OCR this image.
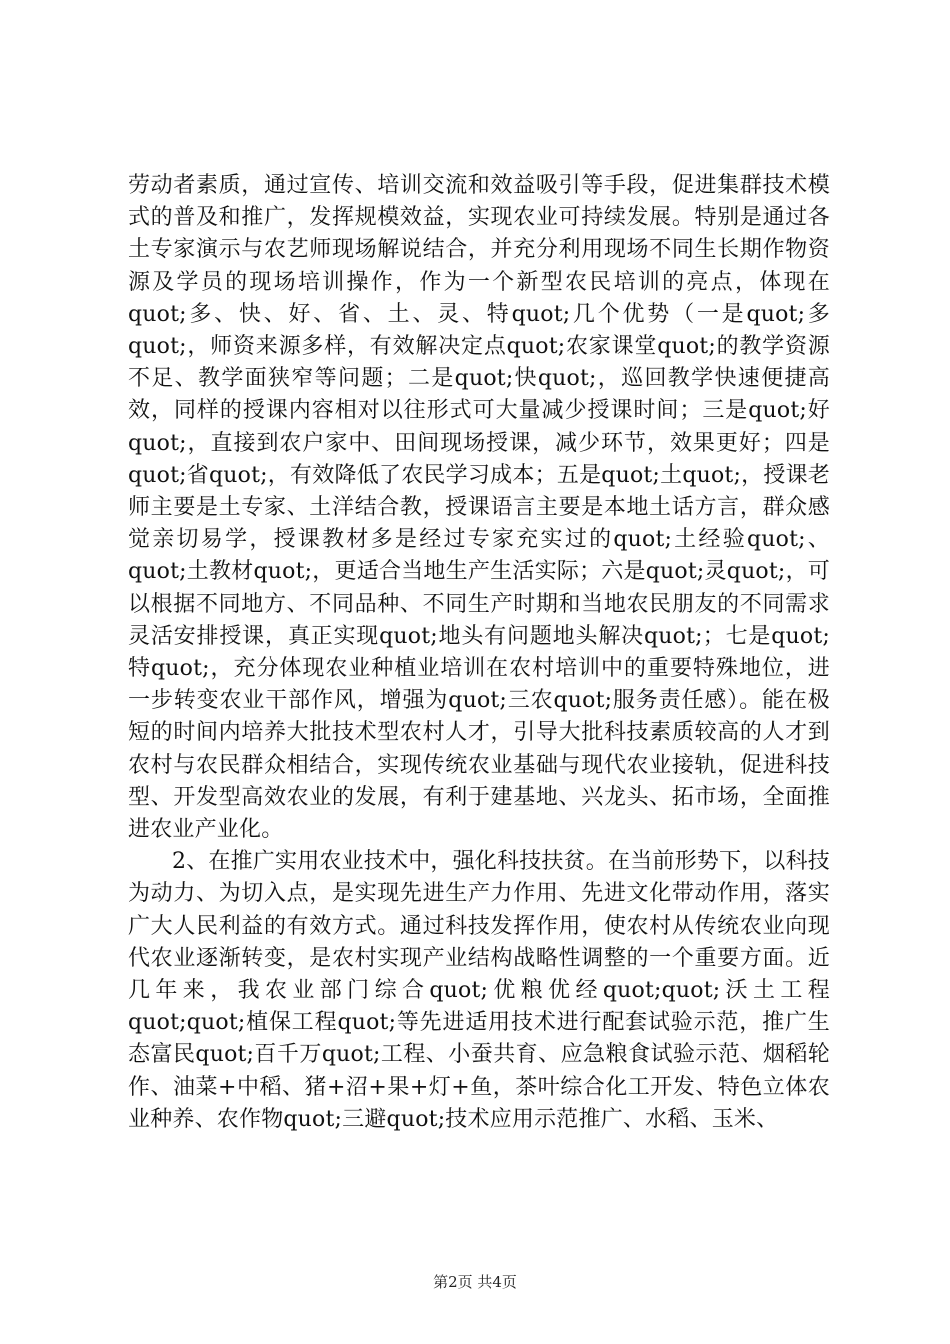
劳动者素质，通过宣传、培训交流和效益吸引等手段，促进集群技术模式的普及和推广，发挥规模效益，实现农业可持续发展。特别是通过各土专家演示与农艺师现场解说结合，并充分利用现场不同生长期作物资源及学员的现场培训操作，作为一个新型农民培训的亮点，体现在quot;多、快、好、省、土、灵、特quot;几个优势（一是quot;多quot;，师资来源多样，有效解决定点quot;农家课堂quot;的教学资源不足、教学面狭窄等问题；二是quot;快quot;，巡回教学快速便捷高效，同样的授课内容相对以往形式可大量减少授课时间；三是quot;好quot;，直接到农户家中、田间现场授课，减少环节，效果更好；四是quot;省quot;，有效降低了农民学习成本；五是quot;土quot;，授课老师主要是土专家、土洋结合教，授课语言主要是本地土话方言，群众感觉亲切易学，授课教材多是经过专家充实过的quot;土经验quot;、quot;土教材quot;，更适合当地生产生活实际；六是quot;灵quot;，可以根据不同地方、不同品种、不同生产时期和当地农民朋友的不同需求灵活安排授课，真正实现quot;地头有问题地头解决quot;；七是quot;特quot;，充分体现农业种植业培训在农村培训中的重要特殊地位，进一步转变农业干部作风，增强为quot;三农quot;服务责任感）。能在极短的时间内培养大批技术型农村人才，引导大批科技素质较高的人才到农村与农民群众相结合，实现传统农业基础与现代农业接轨，促进科技型、开发型高效农业的发展，有利于建基地、兴龙头、拓市场，全面推进农业产业化。

2、在推广实用农业技术中，强化科技扶贫。在当前形势下，以科技为动力、为切入点，是实现先进生产力作用、先进文化带动作用，落实广大人民利益的有效方式。通过科技发挥作用，使农村从传统农业向现代农业逐渐转变，是农村实现产业结构战略性调整的一个重要方面。近几年来，我农业部门综合quot;优粮优经quot;quot;沃土工程quot;quot;植保工程quot;等先进适用技术进行配套试验示范，推广生态富民quot;百千万quot;工程、小蚕共育、应急粮食试验示范、烟稻轮作、油菜+中稻、猪+沼+果+灯+鱼，茶叶综合化工开发、特色立体农业种养、农作物quot;三避quot;技术应用示范推广、水稻、玉米、

第2页 共4页
